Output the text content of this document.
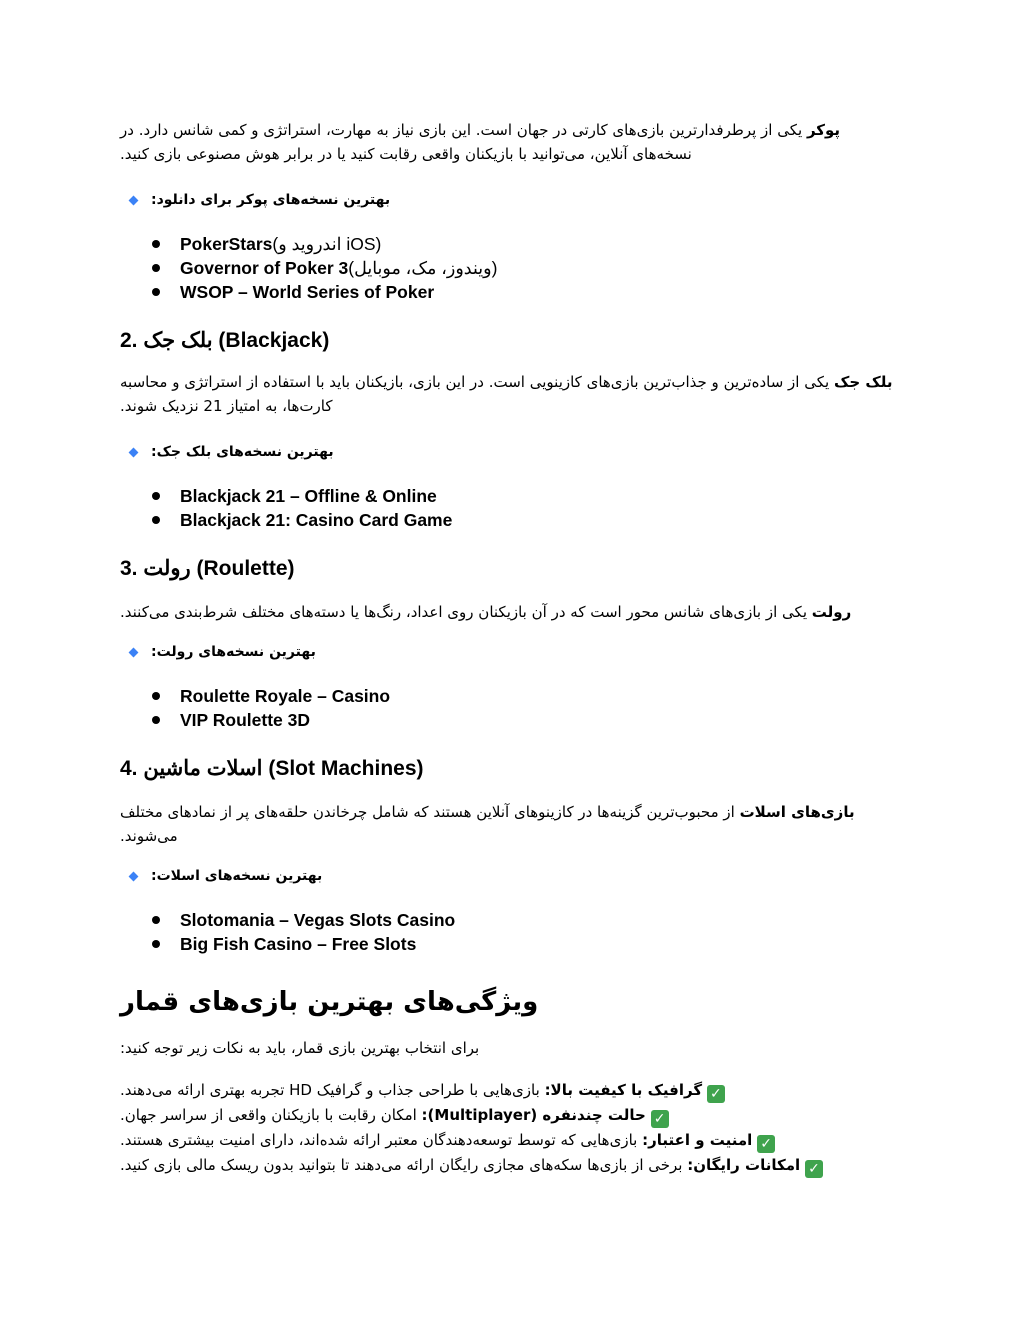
پوکر یکی از پرطرفدارترین بازی‌های کارتی در جهان است. این بازی نیاز به مهارت، استراتژی و کمی شانس دارد. در نسخه‌های آنلاین، می‌توانید با بازیکنان واقعی رقابت کنید یا در برابر هوش مصنوعی بازی کنید.

بهترین نسخه‌های پوکر برای دانلود:
PokerStars (اندروید و iOS)
Governor of Poker 3 (ویندوز، مک، موبایل)
WSOP – World Series of Poker
2. بلک جک (Blackjack)

بلک جک یکی از ساده‌ترین و جذاب‌ترین بازی‌های کازینویی است. در این بازی، بازیکنان باید با استفاده از استراتژی و محاسبه کارت‌ها، به امتیاز 21 نزدیک شوند.

بهترین نسخه‌های بلک جک:
Blackjack 21 – Offline & Online
Blackjack 21: Casino Card Game
3. رولت (Roulette)

رولت یکی از بازی‌های شانس محور است که در آن بازیکنان روی اعداد، رنگ‌ها یا دسته‌های مختلف شرط‌بندی می‌کنند.

بهترین نسخه‌های رولت:
Roulette Royale – Casino
VIP Roulette 3D
4. اسلات ماشین (Slot Machines)

بازی‌های اسلات از محبوب‌ترین گزینه‌ها در کازینوهای آنلاین هستند که شامل چرخاندن حلقه‌های پر از نمادهای مختلف می‌شوند.

بهترین نسخه‌های اسلات:
Slotomania – Vegas Slots Casino
Big Fish Casino – Free Slots
ویژگی‌های بهترین بازی‌های قمار

برای انتخاب بهترین بازی قمار، باید به نکات زیر توجه کنید:

✓ گرافیک با کیفیت بالا: بازی‌هایی با طراحی جذاب و گرافیک HD تجربه بهتری ارائه می‌دهند.

✓ حالت چندنفره (Multiplayer): امکان رقابت با بازیکنان واقعی از سراسر جهان.

✓ امنیت و اعتبار: بازی‌هایی که توسط توسعه‌دهندگان معتبر ارائه شده‌اند، دارای امنیت بیشتری هستند.

✓ امکانات رایگان: برخی از بازی‌ها سکه‌های مجازی رایگان ارائه می‌دهند تا بتوانید بدون ریسک مالی بازی کنید.
